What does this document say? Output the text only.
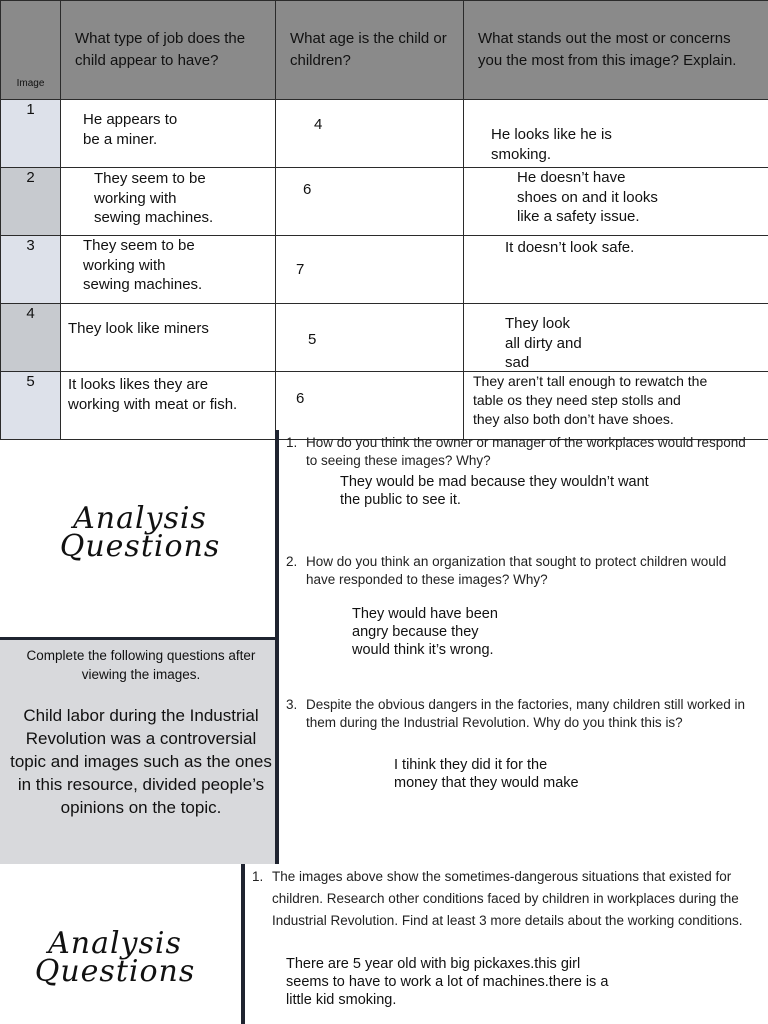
Image	What type of job does the child appear to have?	What age is the child or children?	What stands out the most or concerns you the most from this image? Explain.
1	He appears to
be a miner.	4	He looks like he is
smoking.

2	They seem to be
working with
sewing machines.	6	He doesn’t have
shoes on and it looks
like a safety issue.

3	They seem to be
working with
sewing machines.	7	It doesn’t look safe.

4	They look like miners	5	They look
all dirty and
sad

5	It looks likes they are
working with meat or fish.	6	They aren’t tall enough to rewatch the
table os they need step stolls and
they also both don’t have shoes.
Analysis
Questions
Complete the following questions after viewing the images.
Child labor during the Industrial Revolution was a controversial topic and images such as the ones in this resource, divided people’s opinions on the topic.
1. How do you think the owner or manager of the workplaces would respond to seeing these images? Why?
They would be mad because they wouldn’t want
the public to see it.
2. How do you think an organization that sought to protect children would have responded to these images? Why?
They would have been
angry because they
would think it’s wrong.
3. Despite the obvious dangers in the factories, many children still worked in them during the Industrial Revolution. Why do you think this is?
I tihink they did it for the
money that they would make
Analysis
Questions
1. The images above show the sometimes-dangerous situations that existed for children. Research other conditions faced by children in workplaces during the Industrial Revolution. Find at least 3 more details about the working conditions.
There are 5 year old with big pickaxes.this girl
seems to have to work a lot of machines.there is a
little kid smoking.
